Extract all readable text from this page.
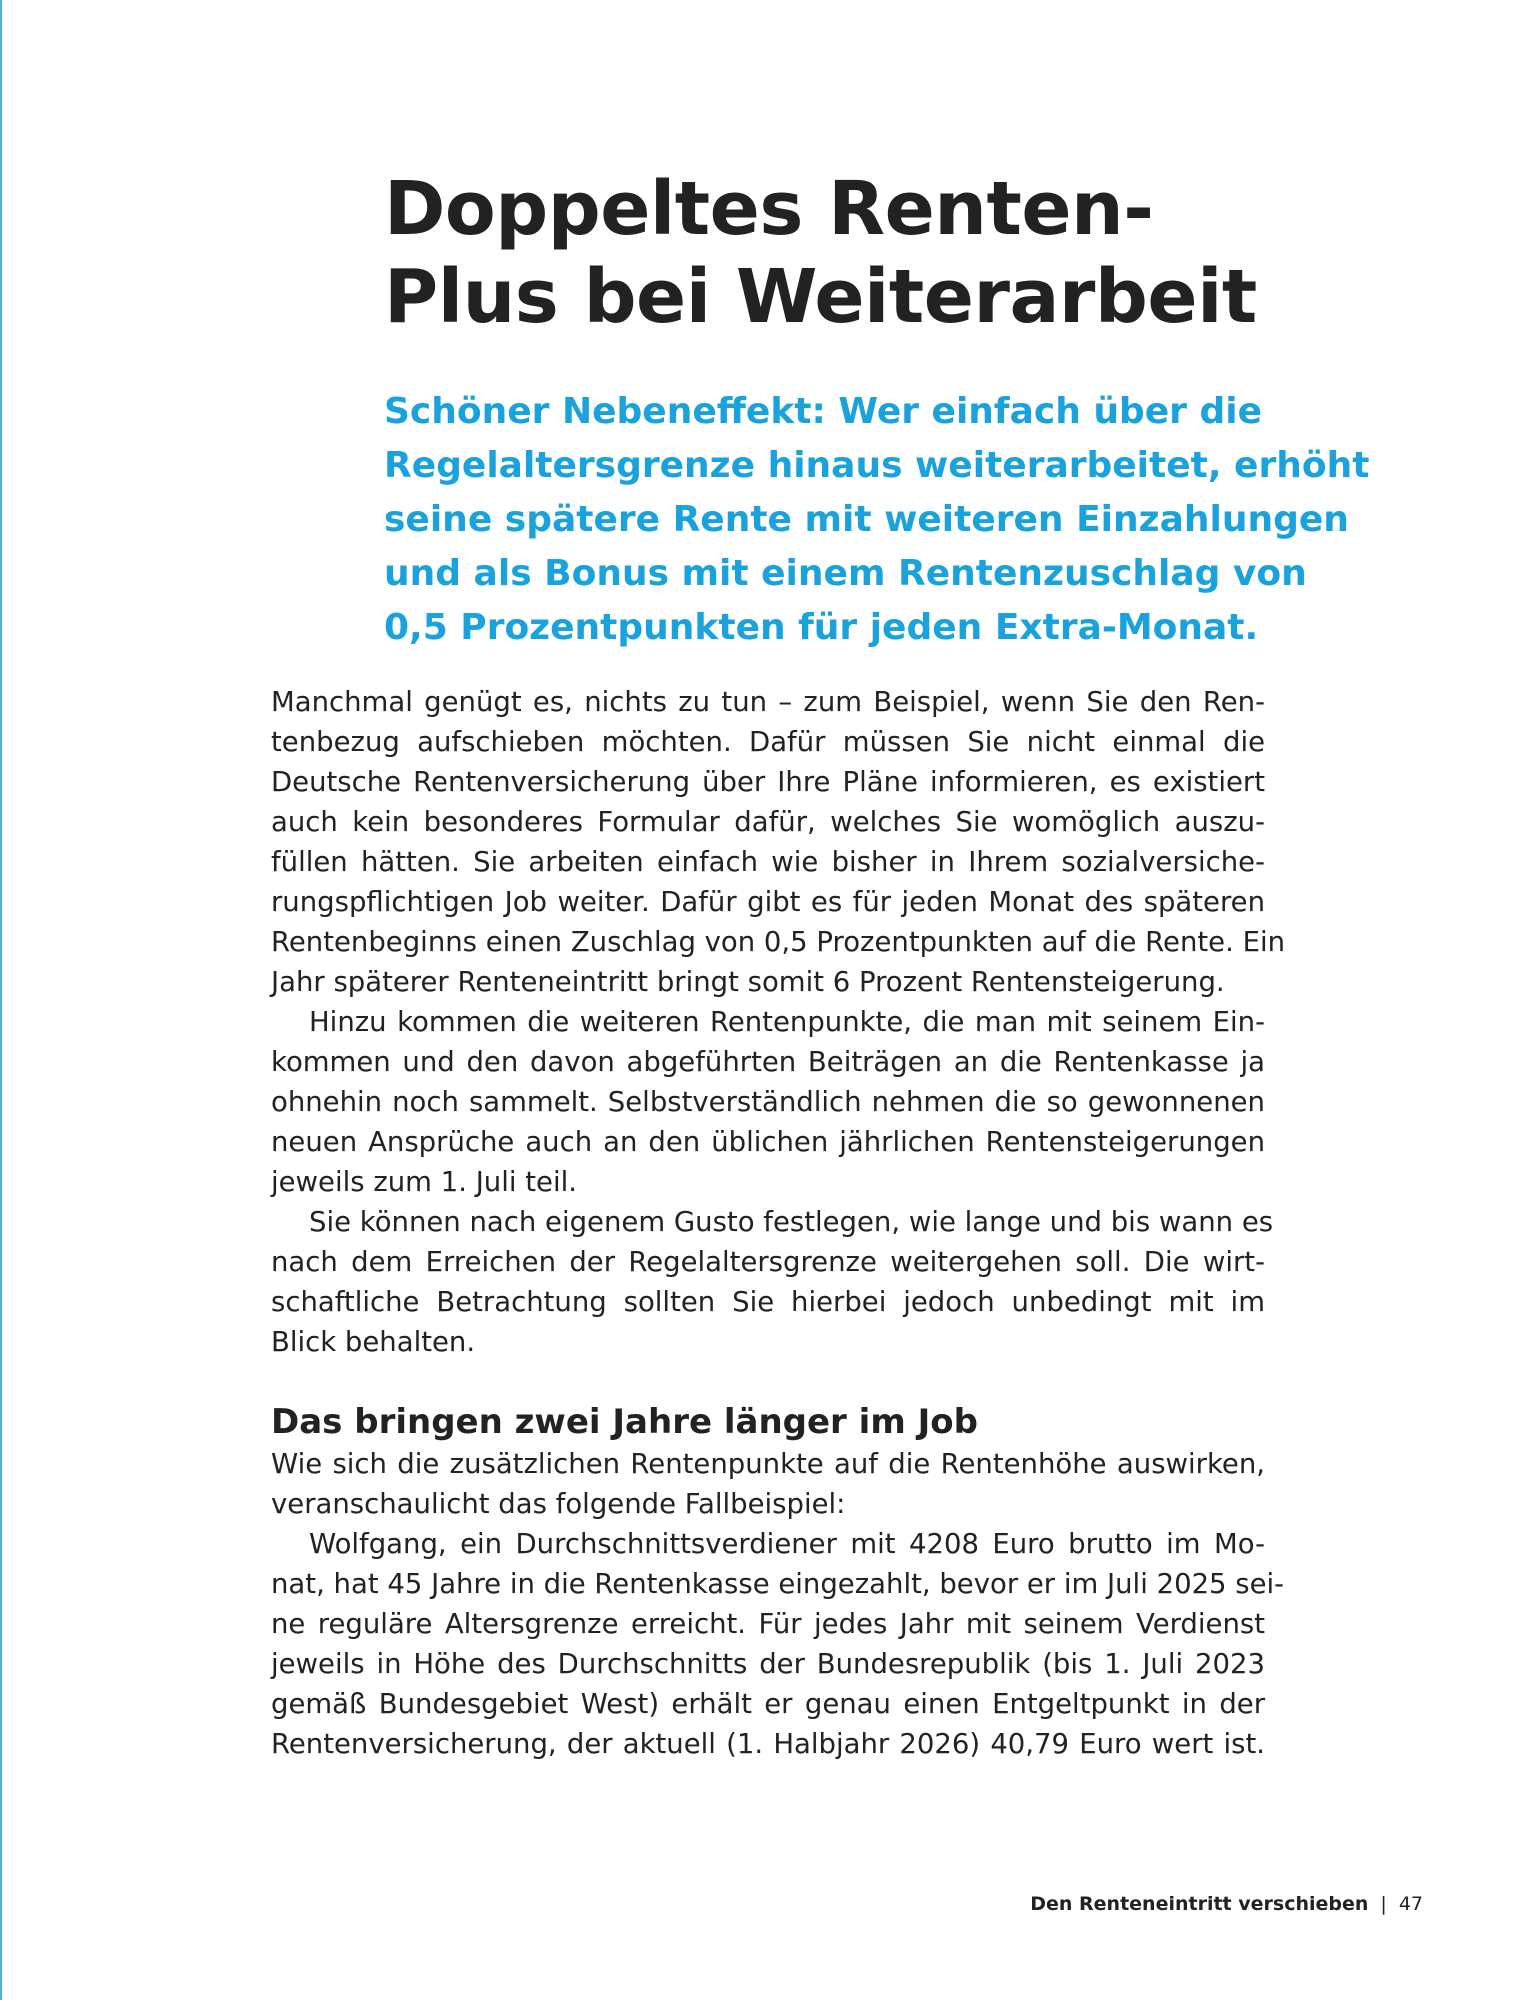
Doppeltes Renten-
Plus bei Weiterarbeit
Schöner Nebeneffekt: Wer einfach über die
Regelaltersgrenze hinaus weiterarbeitet, erhöht
seine spätere Rente mit weiteren Einzahlungen
und als Bonus mit einem Rentenzuschlag von
0,5 Prozentpunkten für jeden Extra-Monat.
Manchmal genügt es, nichts zu tun – zum Beispiel, wenn Sie den Ren-
tenbezug aufschieben möchten. Dafür müssen Sie nicht einmal die
Deutsche Rentenversicherung über Ihre Pläne informieren, es existiert
auch kein besonderes Formular dafür, welches Sie womöglich auszu-
füllen hätten. Sie arbeiten einfach wie bisher in Ihrem sozialversiche-
rungspflichtigen Job weiter. Dafür gibt es für jeden Monat des späteren
Rentenbeginns einen Zuschlag von 0,5 Prozentpunkten auf die Rente. Ein
Jahr späterer Renteneintritt bringt somit 6 Prozent Rentensteigerung.
Hinzu kommen die weiteren Rentenpunkte, die man mit seinem Ein-
kommen und den davon abgeführten Beiträgen an die Rentenkasse ja
ohnehin noch sammelt. Selbstverständlich nehmen die so gewonnenen
neuen Ansprüche auch an den üblichen jährlichen Rentensteigerungen
jeweils zum 1. Juli teil.
Sie können nach eigenem Gusto festlegen, wie lange und bis wann es
nach dem Erreichen der Regelaltersgrenze weitergehen soll. Die wirt-
schaftliche Betrachtung sollten Sie hierbei jedoch unbedingt mit im
Blick behalten.
Das bringen zwei Jahre länger im Job
Wie sich die zusätzlichen Rentenpunkte auf die Rentenhöhe auswirken,
veranschaulicht das folgende Fallbeispiel:
Wolfgang, ein Durchschnittsverdiener mit 4208 Euro brutto im Mo-
nat, hat 45 Jahre in die Rentenkasse eingezahlt, bevor er im Juli 2025 sei-
ne reguläre Altersgrenze erreicht. Für jedes Jahr mit seinem Verdienst
jeweils in Höhe des Durchschnitts der Bundesrepublik (bis 1. Juli 2023
gemäß Bundesgebiet West) erhält er genau einen Entgeltpunkt in der
Rentenversicherung, der aktuell (1. Halbjahr 2026) 40,79 Euro wert ist.
Den Renteneintritt verschieben | 47
